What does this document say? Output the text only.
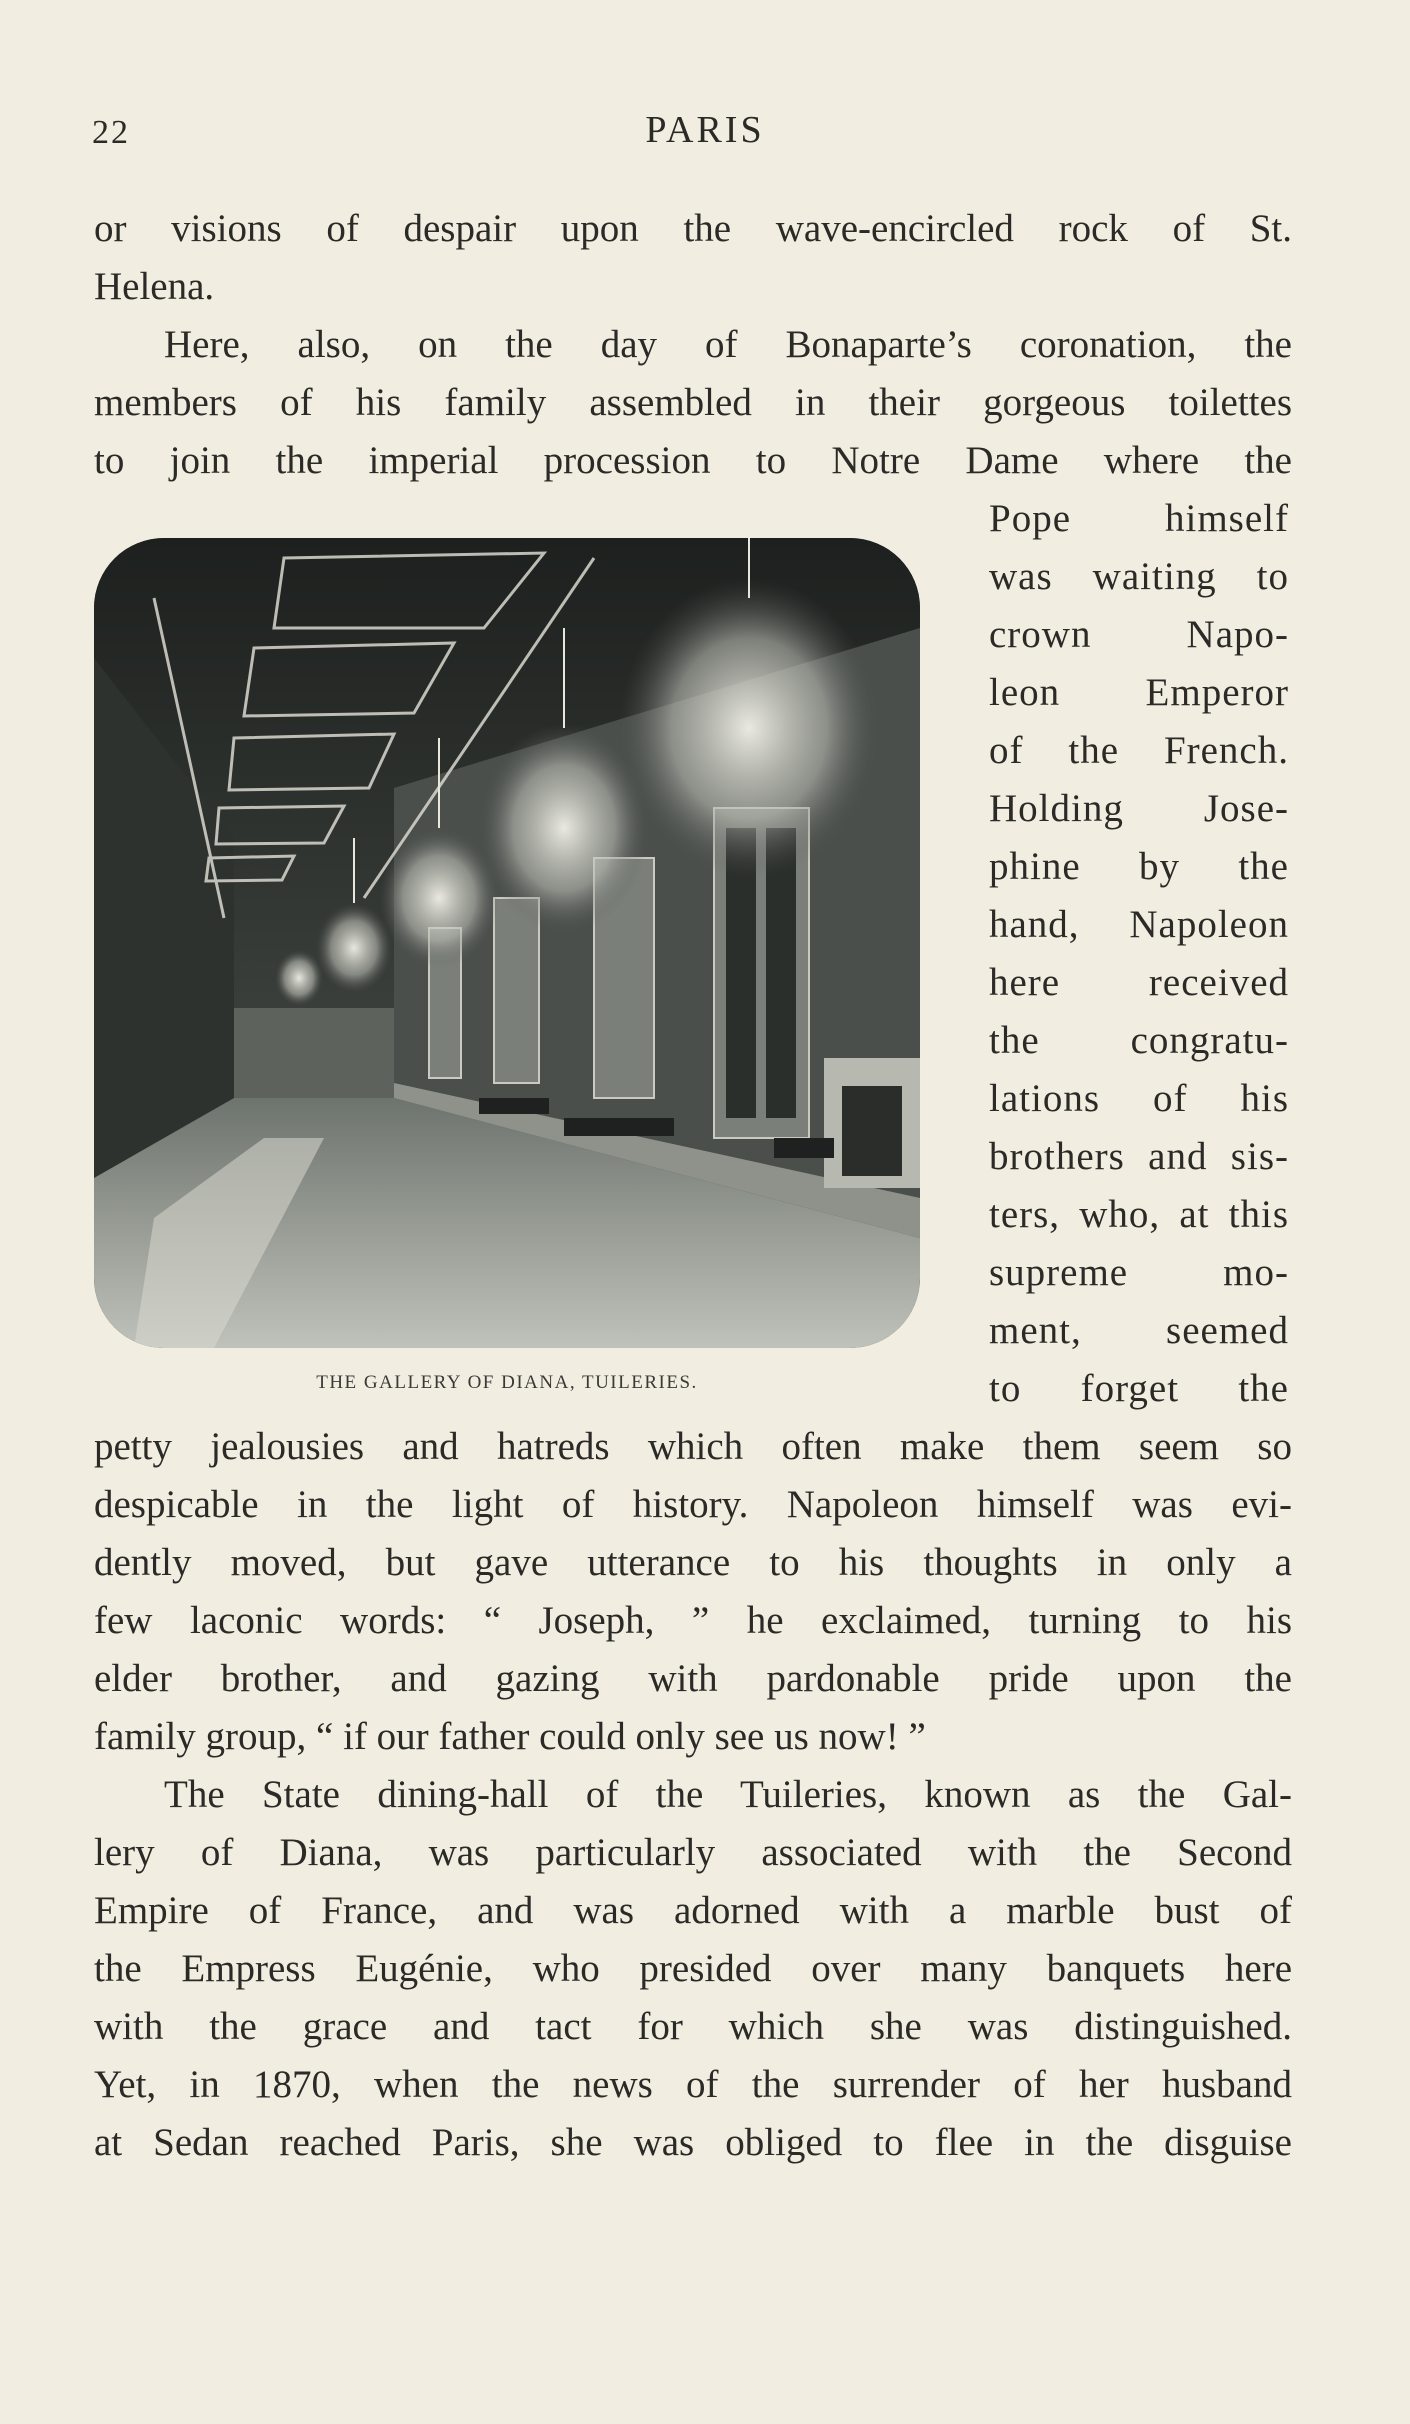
22	PARIS
or visions of despair upon the wave-encircled rock of St.
Helena.
Here, also, on the day of Bonaparte’s coronation, the
members of his family assembled in their gorgeous toilettes
to join the imperial procession to Notre Dame where the
Pope himself
was waiting to
crown Napo-
leon Emperor
of the French.
Holding Jose-
phine by the
hand, Napoleon
here received
the congratu-
lations of his
brothers and sis-
ters, who, at this
supreme mo-
ment, seemed
to forget the
petty jealousies and hatreds which often make them seem so
despicable in the light of history. Napoleon himself was evi-
dently moved, but gave utterance to his thoughts in only a
few laconic words: “ Joseph, ” he exclaimed, turning to his
elder brother, and gazing with pardonable pride upon the
family group, “ if our father could only see us now! ”
The State dining-hall of the Tuileries, known as the Gal-
lery of Diana, was particularly associated with the Second
Empire of France, and was adorned with a marble bust of
the Empress Eugénie, who presided over many banquets here
with the grace and tact for which she was distinguished.
Yet, in 1870, when the news of the surrender of her husband
at Sedan reached Paris, she was obliged to flee in the disguise
THE GALLERY OF DIANA, TUILERIES.
